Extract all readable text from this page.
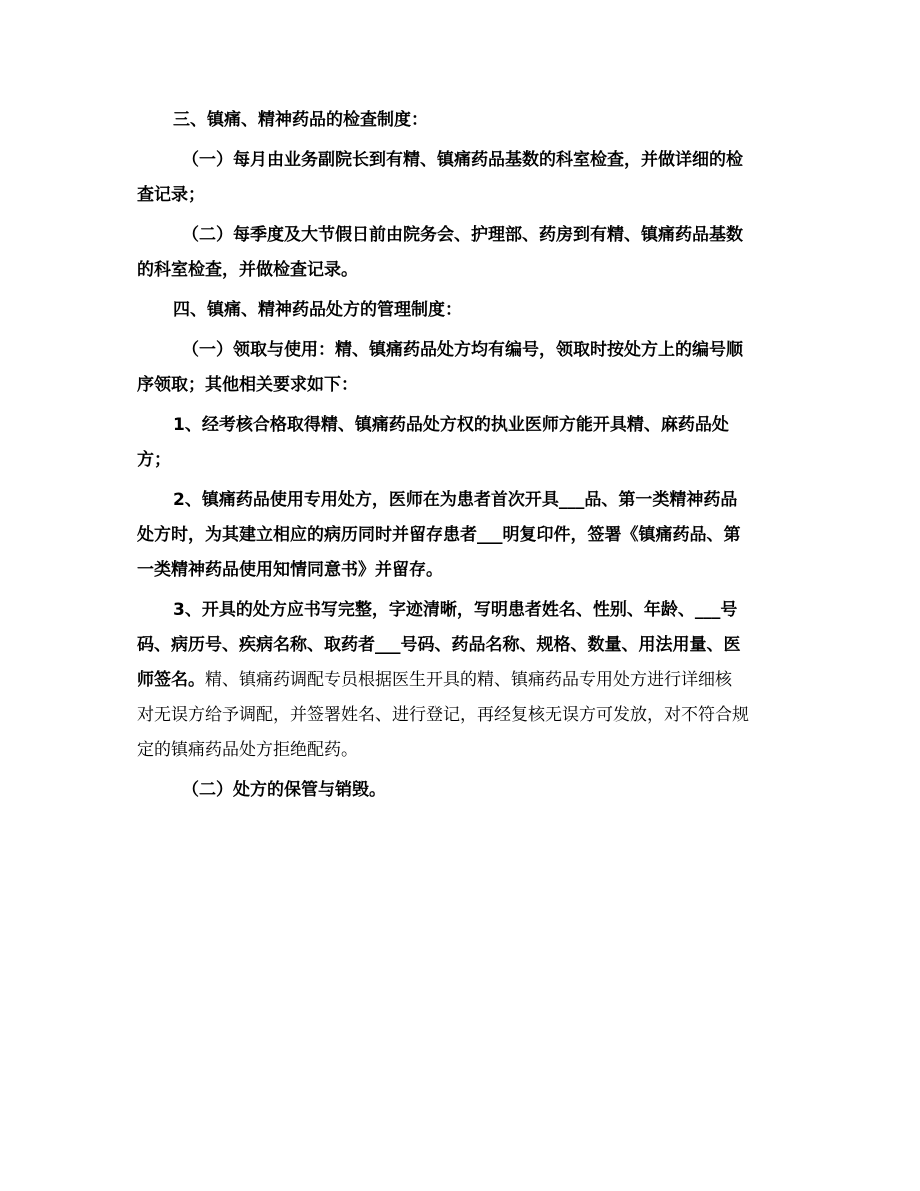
三、镇痛、精神药品的检查制度：
（一）每月由业务副院长到有精、镇痛药品基数的科室检查，并做详细的检
查记录；
（二）每季度及大节假日前由院务会、护理部、药房到有精、镇痛药品基数
的科室检查，并做检查记录。
四、镇痛、精神药品处方的管理制度：
（一）领取与使用：精、镇痛药品处方均有编号，领取时按处方上的编号顺
序领取；其他相关要求如下：
1、经考核合格取得精、镇痛药品处方权的执业医师方能开具精、麻药品处
方；
2、镇痛药品使用专用处方，医师在为患者首次开具___品、第一类精神药品
处方时，为其建立相应的病历同时并留存患者___明复印件，签署《镇痛药品、第
一类精神药品使用知情同意书》并留存。
3、开具的处方应书写完整，字迹清晰，写明患者姓名、性别、年龄、___号
码、病历号、疾病名称、取药者___号码、药品名称、规格、数量、用法用量、医
师签名。精、镇痛药调配专员根据医生开具的精、镇痛药品专用处方进行详细核
对无误方给予调配，并签署姓名、进行登记，再经复核无误方可发放，对不符合规
定的镇痛药品处方拒绝配药。
（二）处方的保管与销毁。
